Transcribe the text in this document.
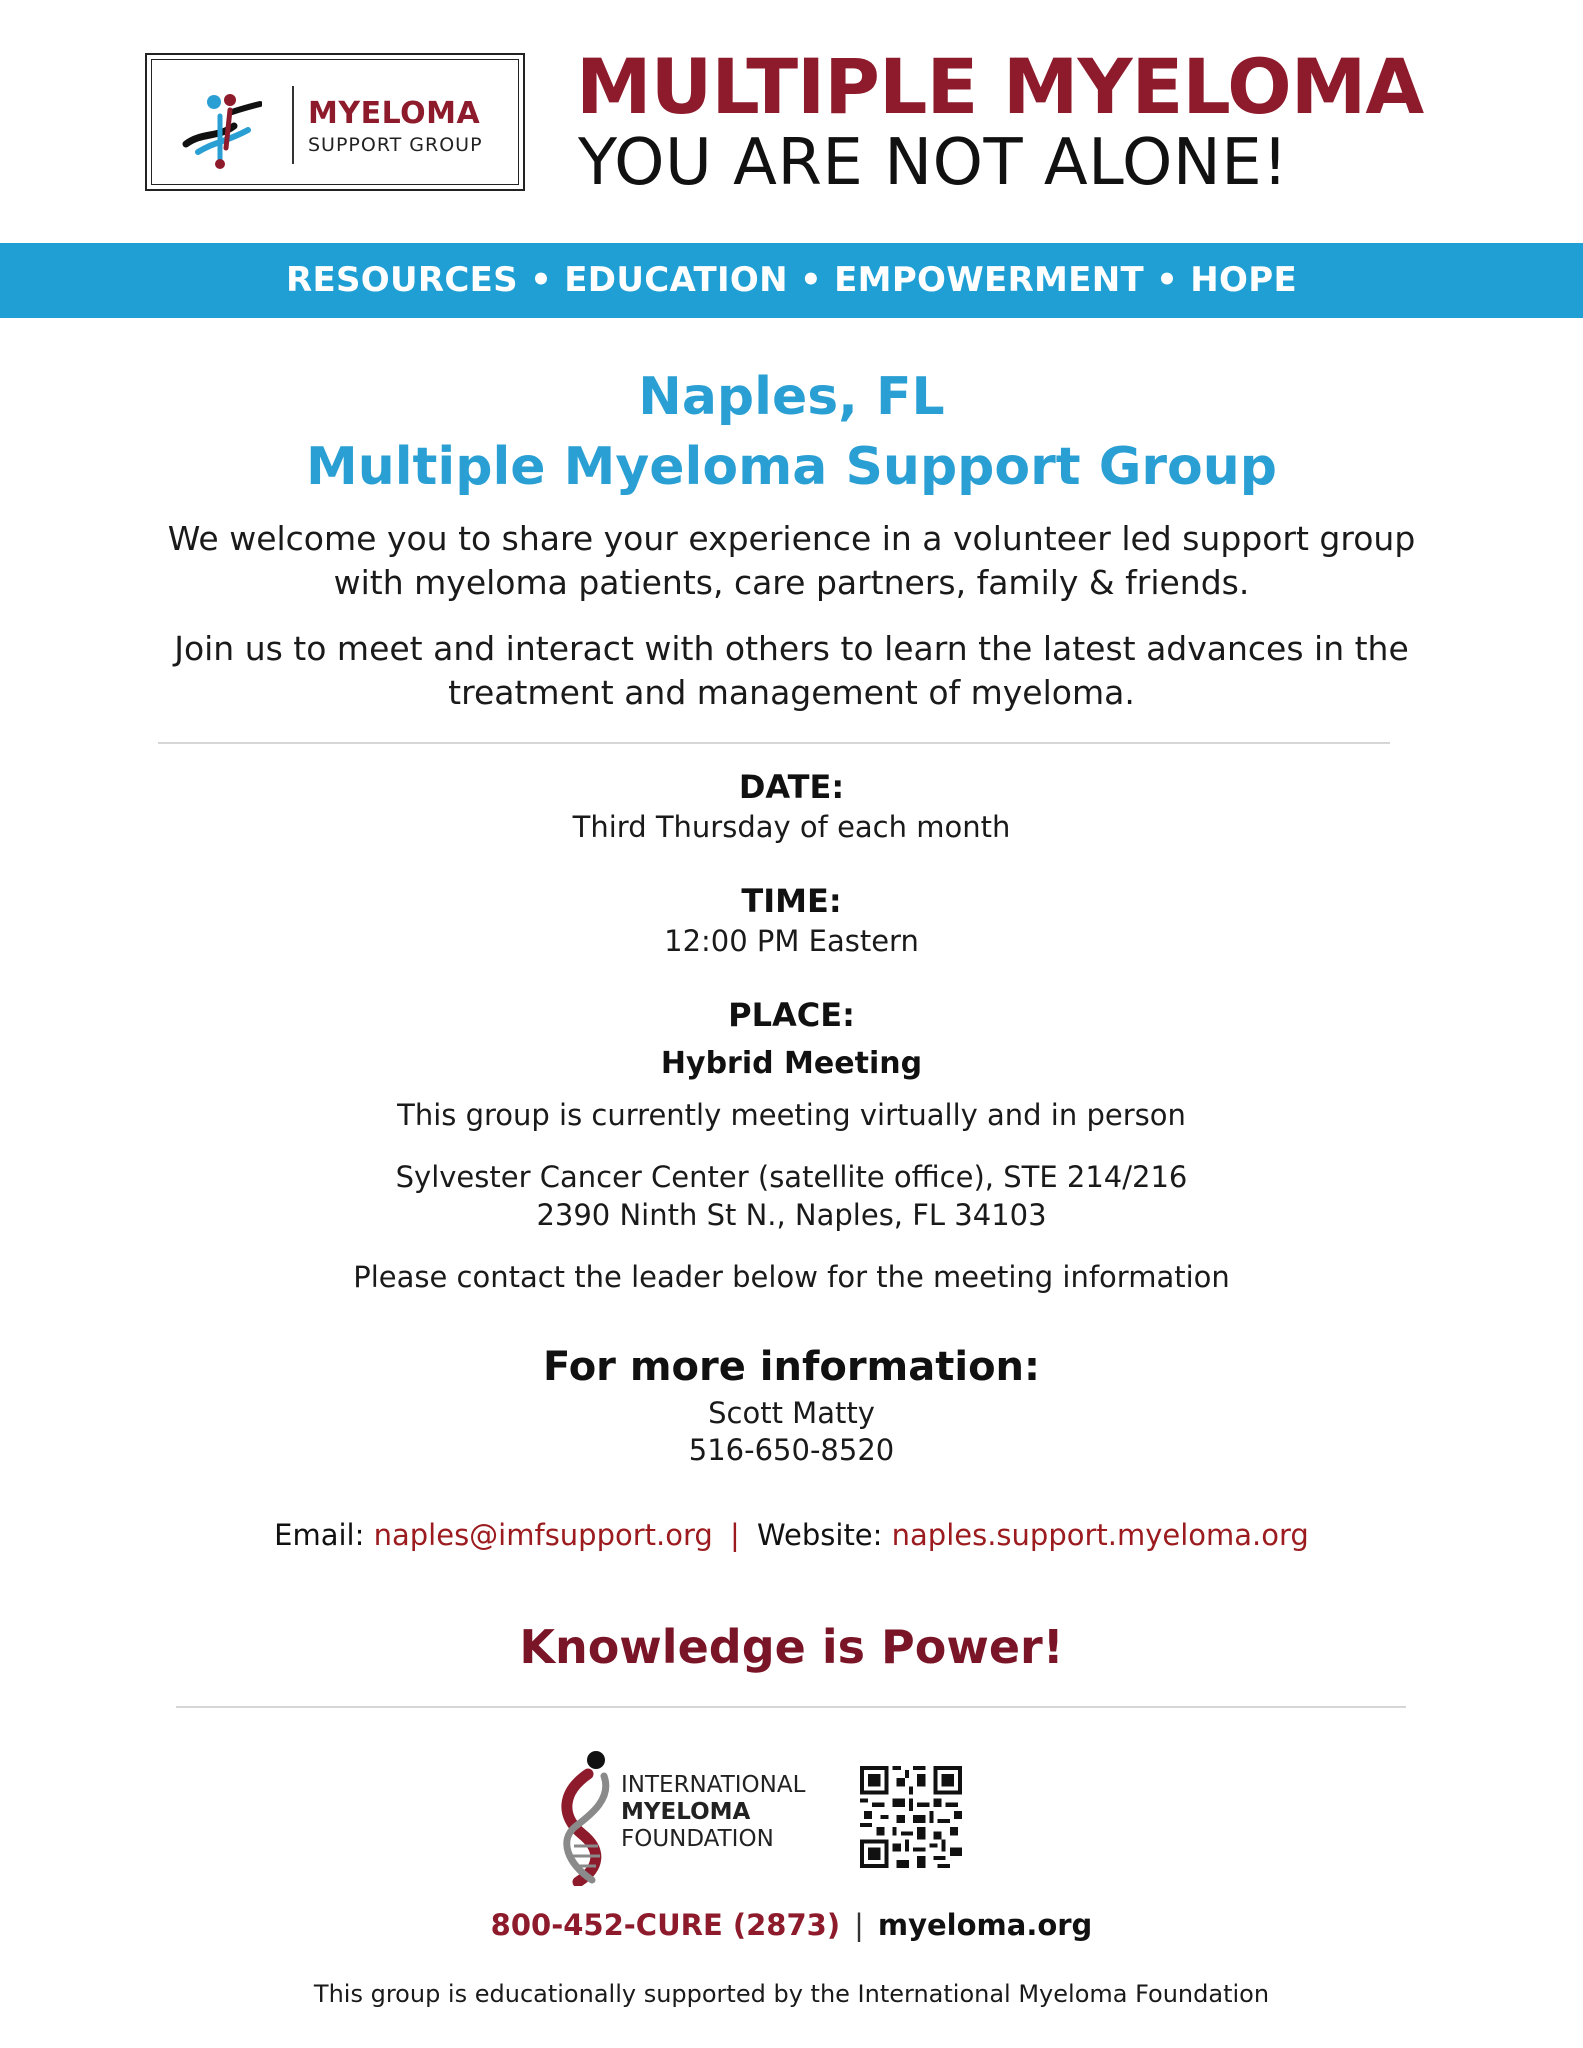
MYELOMA
SUPPORT GROUP
MULTIPLE MYELOMA
YOU ARE NOT ALONE!
RESOURCES • EDUCATION • EMPOWERMENT • HOPE
Naples, FL
Multiple Myeloma Support Group
We welcome you to share your experience in a volunteer led support group
with myeloma patients, care partners, family & friends.
Join us to meet and interact with others to learn the latest advances in the
treatment and management of myeloma.
DATE:
Third Thursday of each month
TIME:
12:00 PM Eastern
PLACE:
Hybrid Meeting
This group is currently meeting virtually and in person
Sylvester Cancer Center (satellite office), STE 214/216
2390 Ninth St N., Naples, FL 34103
Please contact the leader below for the meeting information
For more information:
Scott Matty
516-650-8520
Email: naples@imfsupport.org | Website: naples.support.myeloma.org
Knowledge is Power!
INTERNATIONAL
MYELOMA
FOUNDATION
800-452-CURE (2873) | myeloma.org
This group is educationally supported by the International Myeloma Foundation
